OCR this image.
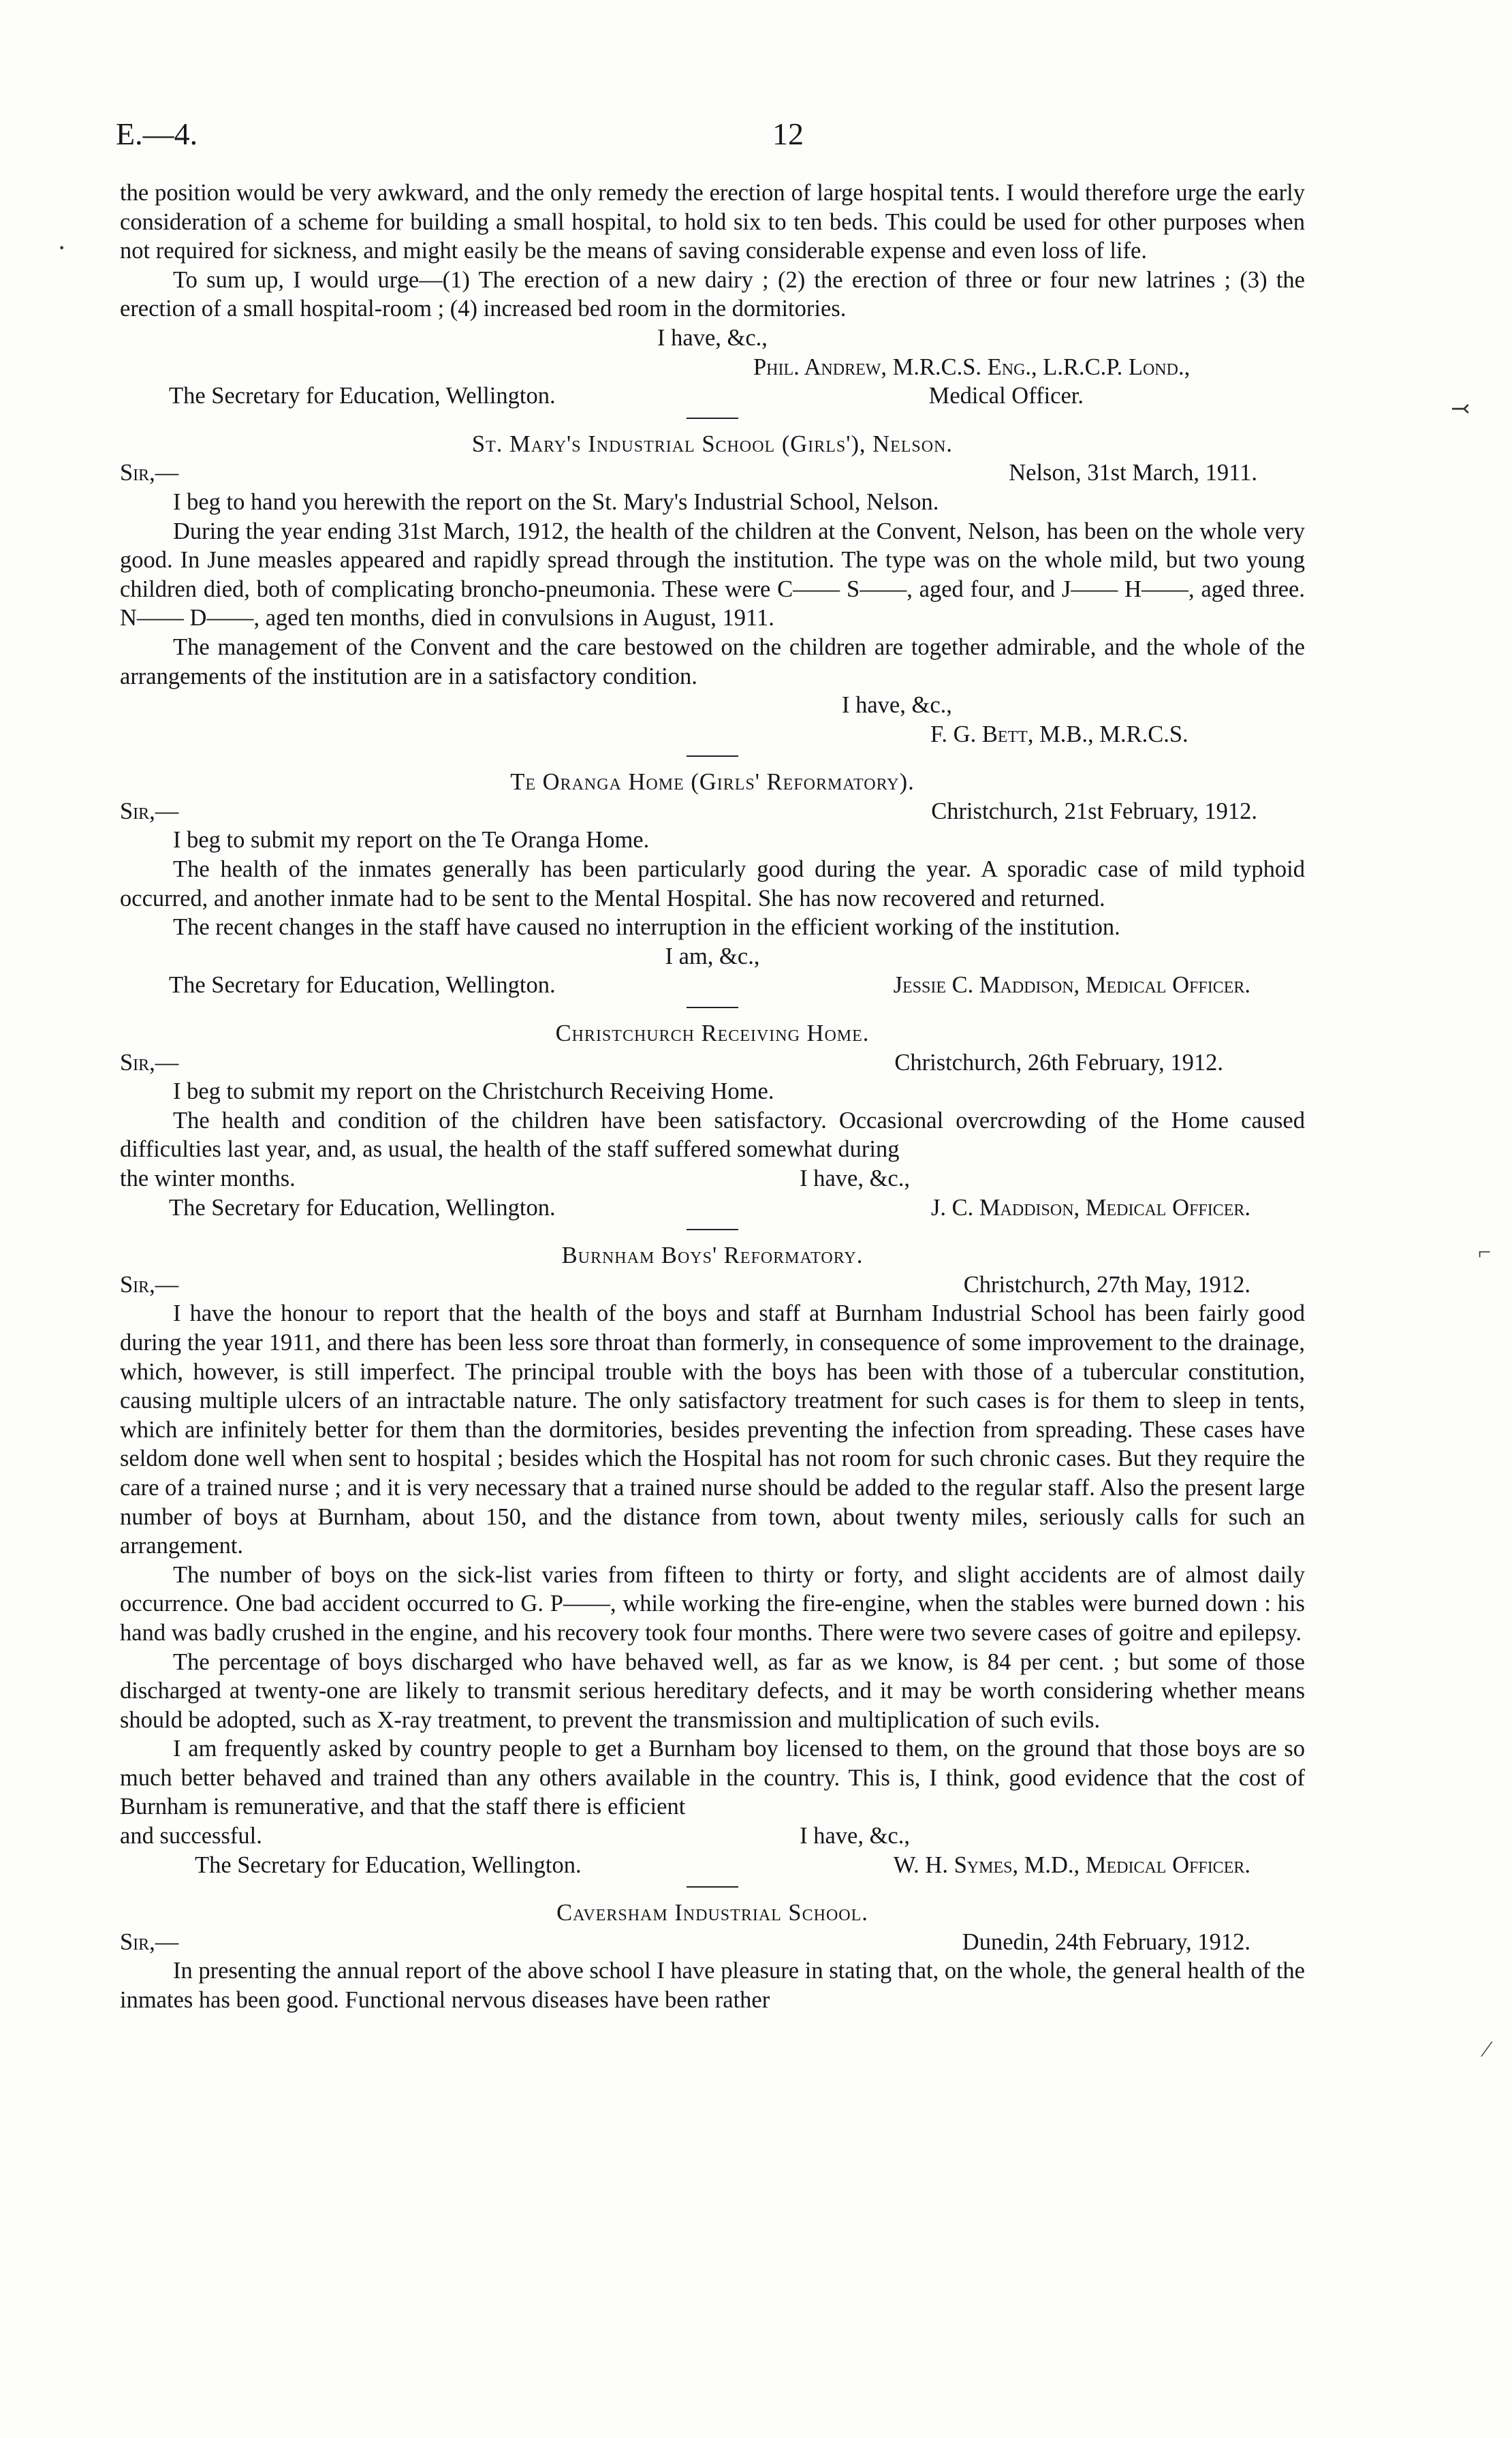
E.—4.	12
·
⤙
⌐
⁄

the position would be very awkward, and the only remedy the erection of large hospital tents. I would therefore urge the early consideration of a scheme for building a small hospital, to hold six to ten beds. This could be used for other purposes when not required for sickness, and might easily be the means of saving considerable expense and even loss of life.

To sum up, I would urge—(1) The erection of a new dairy ; (2) the erection of three or four new latrines ; (3) the erection of a small hospital-room ; (4) increased bed room in the dormitories.

I have, &c.,
Phil. Andrew, M.R.C.S. Eng., L.R.C.P. Lond.,
The Secretary for Education, Wellington.	Medical Officer.
St. Mary's Industrial School (Girls'), Nelson.
Sir,—	Nelson, 31st March, 1911.

I beg to hand you herewith the report on the St. Mary's Industrial School, Nelson.

During the year ending 31st March, 1912, the health of the children at the Convent, Nelson, has been on the whole very good. In June measles appeared and rapidly spread through the institution. The type was on the whole mild, but two young children died, both of complicating broncho-pneumonia. These were C—— S——, aged four, and J—— H——, aged three. N—— D——, aged ten months, died in convulsions in August, 1911.

The management of the Convent and the care bestowed on the children are together admirable, and the whole of the arrangements of the institution are in a satisfactory condition.

I have, &c.,
F. G. Bett, M.B., M.R.C.S.
Te Oranga Home (Girls' Reformatory).
Sir,—	Christchurch, 21st February, 1912.

I beg to submit my report on the Te Oranga Home.

The health of the inmates generally has been particularly good during the year. A sporadic case of mild typhoid occurred, and another inmate had to be sent to the Mental Hospital. She has now recovered and returned.

The recent changes in the staff have caused no interruption in the efficient working of the institution.

I am, &c.,
The Secretary for Education, Wellington.	Jessie C. Maddison, Medical Officer.
Christchurch Receiving Home.
Sir,—	Christchurch, 26th February, 1912.

I beg to submit my report on the Christchurch Receiving Home.

The health and condition of the children have been satisfactory. Occasional overcrowding of the Home caused difficulties last year, and, as usual, the health of the staff suffered somewhat during

the winter months.	I have, &c.,
The Secretary for Education, Wellington.	J. C. Maddison, Medical Officer.
Burnham Boys' Reformatory.
Sir,—	Christchurch, 27th May, 1912.

I have the honour to report that the health of the boys and staff at Burnham Industrial School has been fairly good during the year 1911, and there has been less sore throat than formerly, in consequence of some improvement to the drainage, which, however, is still imperfect. The principal trouble with the boys has been with those of a tubercular constitution, causing multiple ulcers of an intractable nature. The only satisfactory treatment for such cases is for them to sleep in tents, which are infinitely better for them than the dormitories, besides preventing the infection from spreading. These cases have seldom done well when sent to hospital ; besides which the Hospital has not room for such chronic cases. But they require the care of a trained nurse ; and it is very necessary that a trained nurse should be added to the regular staff. Also the present large number of boys at Burnham, about 150, and the distance from town, about twenty miles, seriously calls for such an arrangement.

The number of boys on the sick-list varies from fifteen to thirty or forty, and slight accidents are of almost daily occurrence. One bad accident occurred to G. P——, while working the fire-engine, when the stables were burned down : his hand was badly crushed in the engine, and his recovery took four months. There were two severe cases of goitre and epilepsy.

The percentage of boys discharged who have behaved well, as far as we know, is 84 per cent. ; but some of those discharged at twenty-one are likely to transmit serious hereditary defects, and it may be worth considering whether means should be adopted, such as X-ray treatment, to prevent the transmission and multiplication of such evils.

I am frequently asked by country people to get a Burnham boy licensed to them, on the ground that those boys are so much better behaved and trained than any others available in the country. This is, I think, good evidence that the cost of Burnham is remunerative, and that the staff there is efficient

and successful.	I have, &c.,
The Secretary for Education, Wellington.	W. H. Symes, M.D., Medical Officer.
Caversham Industrial School.
Sir,—	Dunedin, 24th February, 1912.

In presenting the annual report of the above school I have pleasure in stating that, on the whole, the general health of the inmates has been good. Functional nervous diseases have been rather
